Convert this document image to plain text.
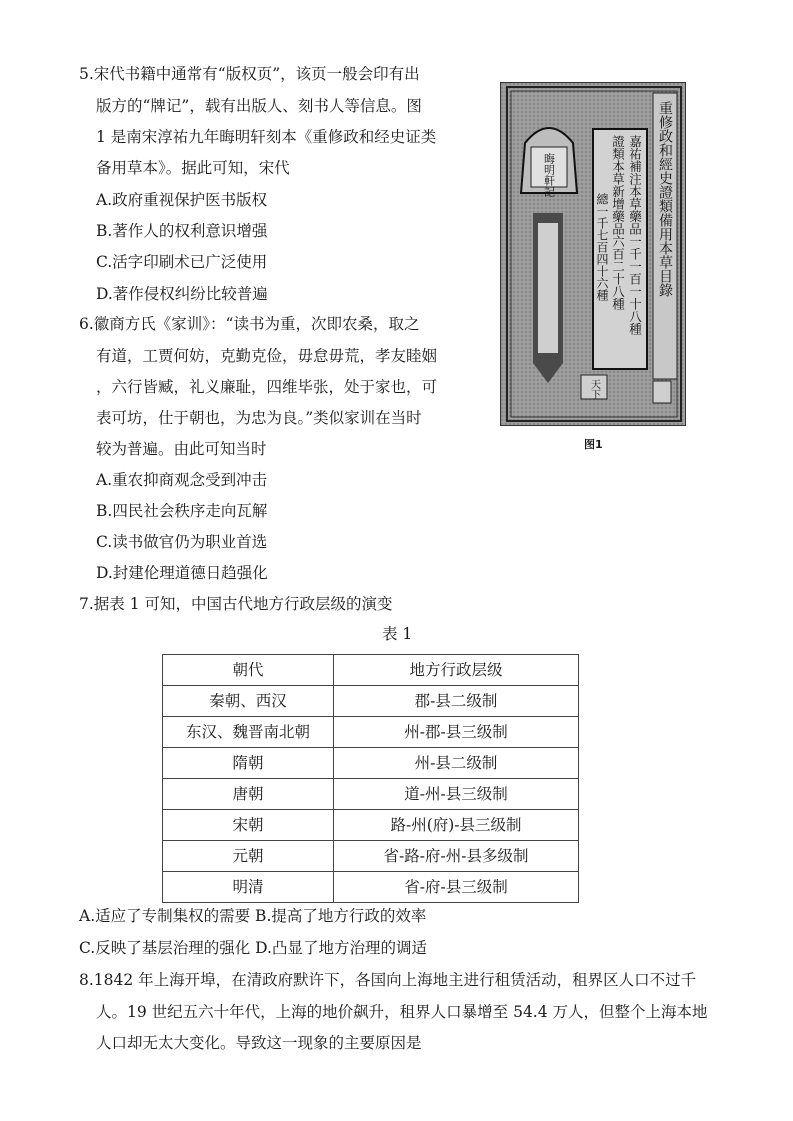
5.宋代书籍中通常有“版权页”，该页一般会印有出
版方的“牌记”，载有出版人、刻书人等信息。图
1 是南宋淳祐九年晦明轩刻本《重修政和经史证类
备用草本》。据此可知，宋代
A.政府重视保护医书版权
B.著作人的权利意识增强
C.活字印刷术已广泛使用
D.著作侵权纠纷比较普遍	重修政和經史證類備用本草目錄
嘉祐補注本草藥品一千一百一十八種
證類本草新增藥品六百二十八種
總一千七百四十六種
晦明軒記
天下
图1
6.徽商方氏《家训》：“读书为重，次即农桑，取之
有道，工贾何妨，克勤克俭，毋怠毋荒，孝友睦姻
，六行皆臧，礼义廉耻，四维毕张，处于家也，可
表可坊，仕于朝也，为忠为良。”类似家训在当时
较为普遍。由此可知当时
A.重农抑商观念受到冲击
B.四民社会秩序走向瓦解
C.读书做官仍为职业首选
D.封建伦理道德日趋强化
7.据表 1 可知，中国古代地方行政层级的演变
表 1
朝代	地方行政层级
秦朝、西汉	郡-县二级制
东汉、魏晋南北朝	州-郡-县三级制
隋朝	州-县二级制
唐朝	道-州-县三级制
宋朝	路-州(府)-县三级制
元朝	省-路-府-州-县多级制
明清	省-府-县三级制
A.适应了专制集权的需要 B.提高了地方行政的效率
C.反映了基层治理的强化 D.凸显了地方治理的调适
8.1842 年上海开埠，在清政府默许下，各国向上海地主进行租赁活动，租界区人口不过千
人。19 世纪五六十年代，上海的地价飙升，租界人口暴增至 54.4 万人，但整个上海本地
人口却无太大变化。导致这一现象的主要原因是
